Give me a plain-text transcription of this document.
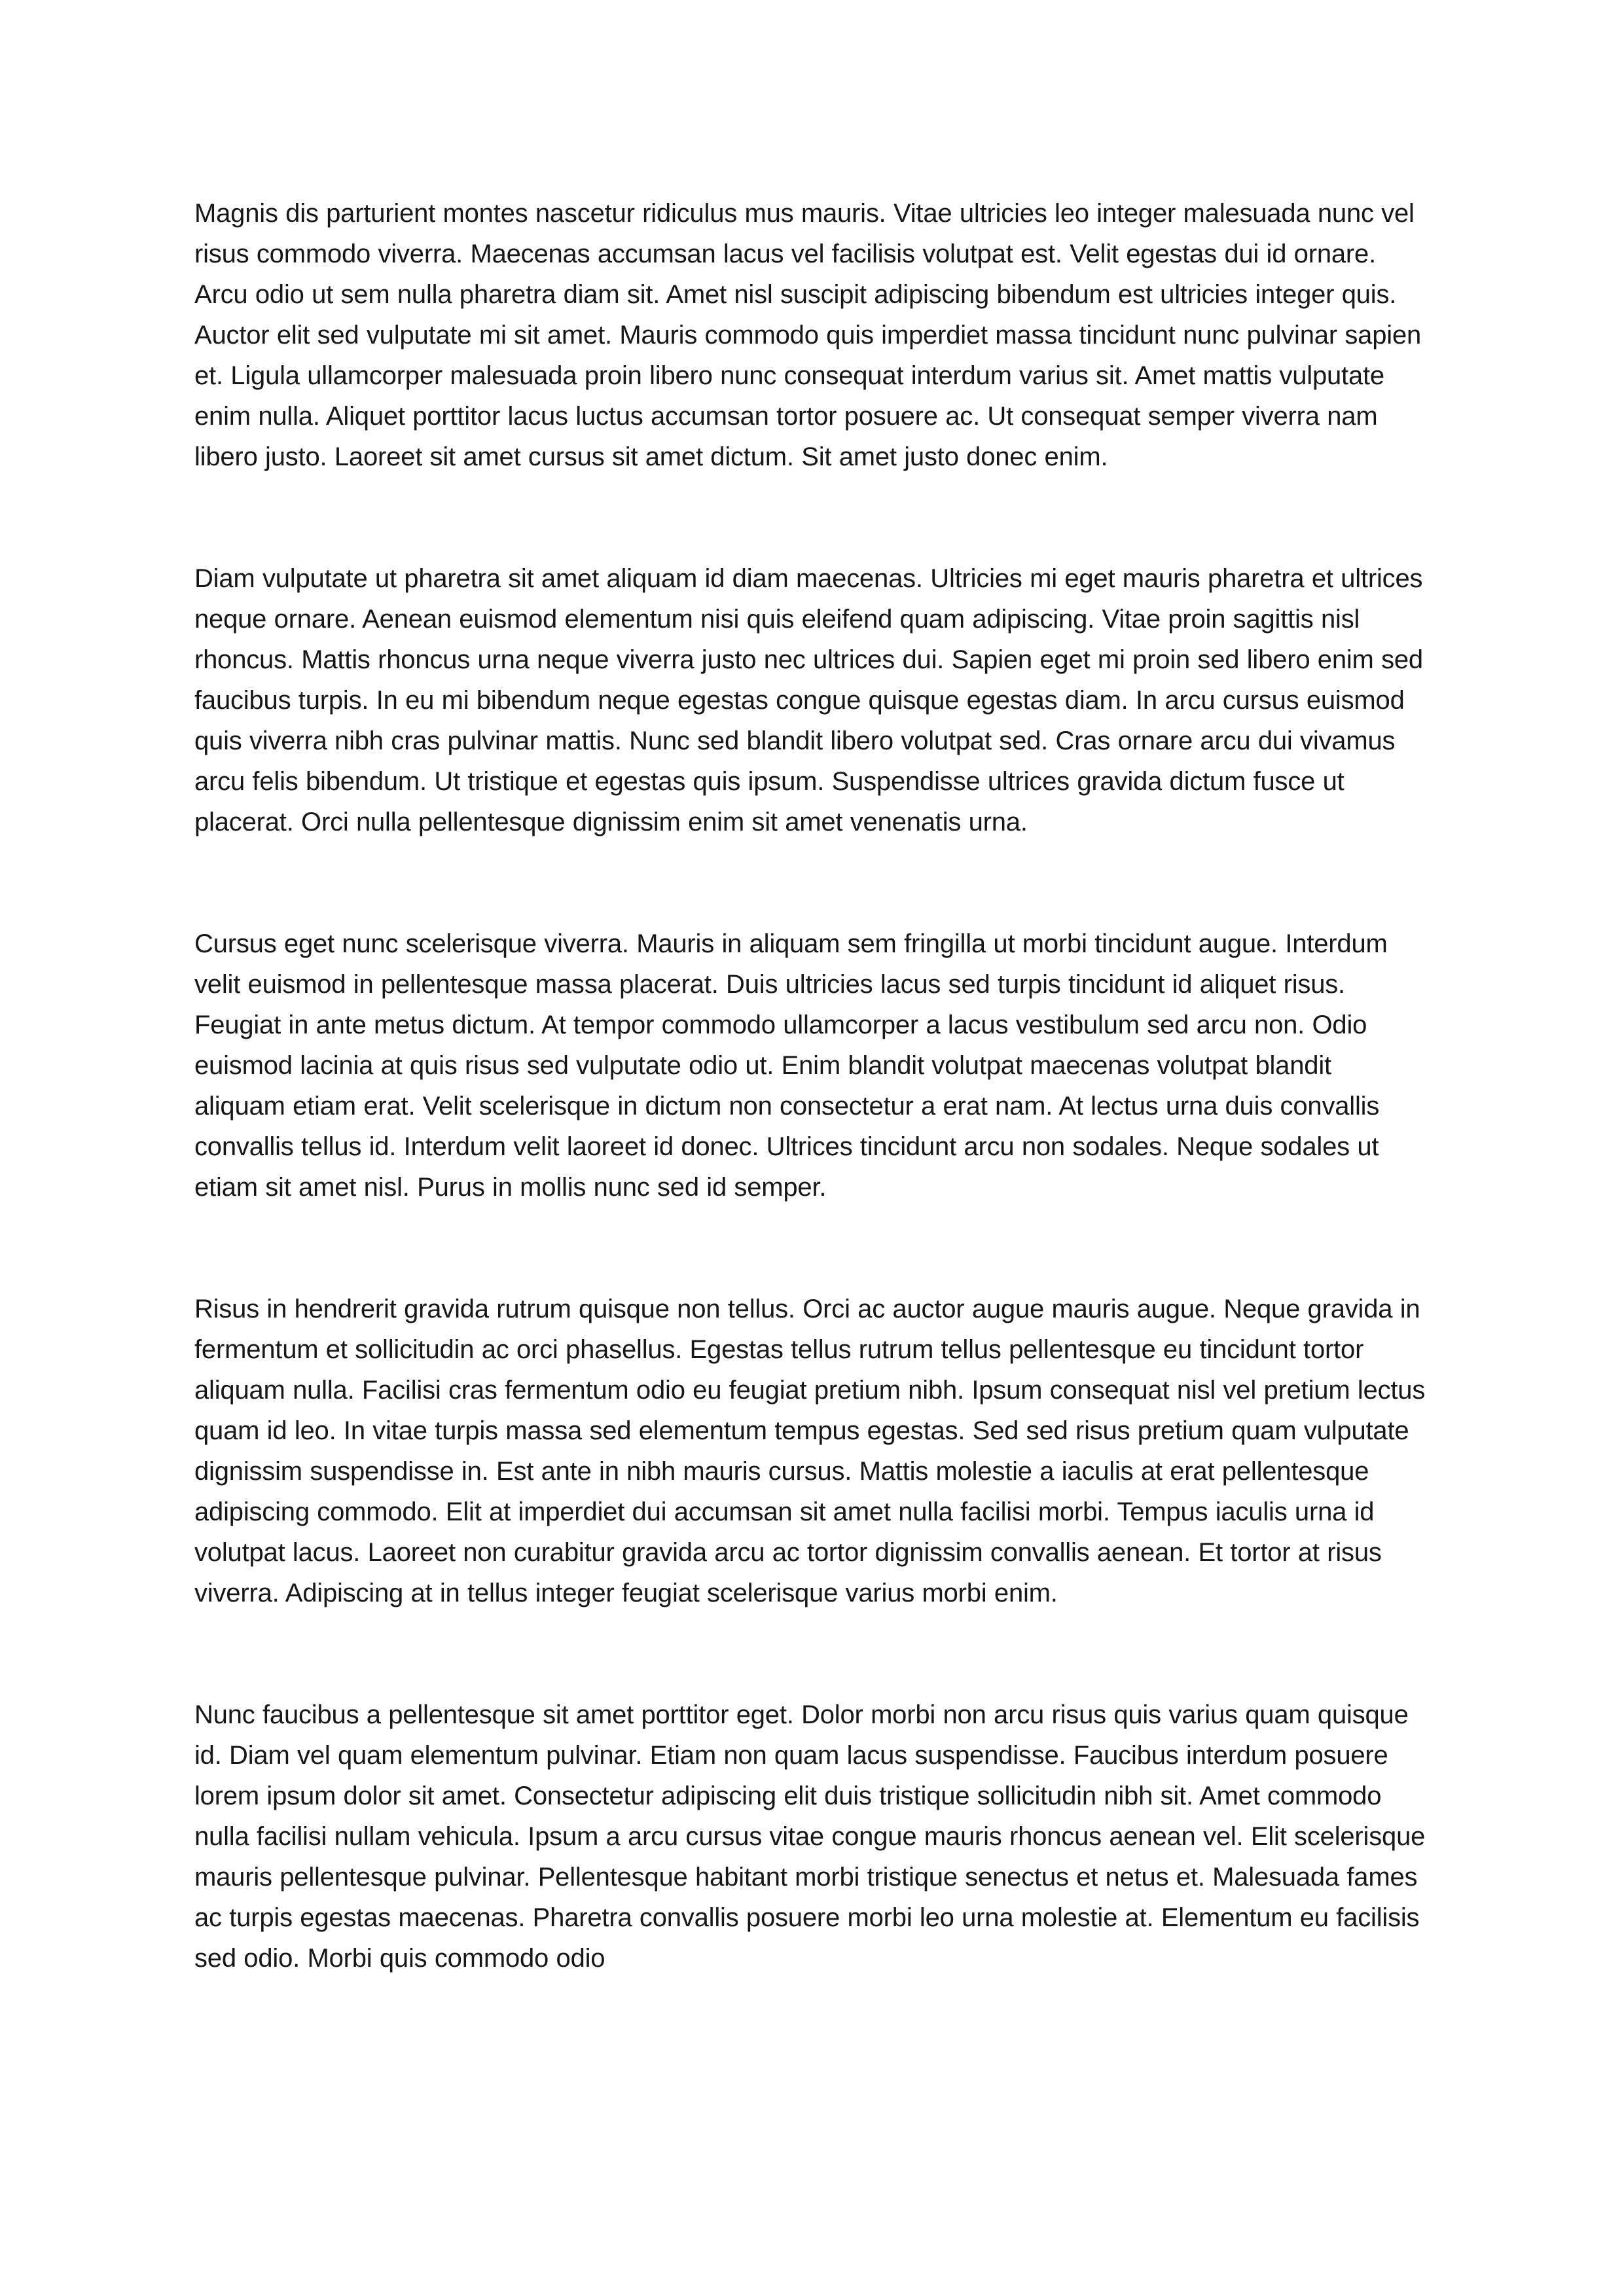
Magnis dis parturient montes nascetur ridiculus mus mauris. Vitae ultricies leo integer malesuada nunc vel risus commodo viverra. Maecenas accumsan lacus vel facilisis volutpat est. Velit egestas dui id ornare. Arcu odio ut sem nulla pharetra diam sit. Amet nisl suscipit adipiscing bibendum est ultricies integer quis. Auctor elit sed vulputate mi sit amet. Mauris commodo quis imperdiet massa tincidunt nunc pulvinar sapien et. Ligula ullamcorper malesuada proin libero nunc consequat interdum varius sit. Amet mattis vulputate enim nulla. Aliquet porttitor lacus luctus accumsan tortor posuere ac. Ut consequat semper viverra nam libero justo. Laoreet sit amet cursus sit amet dictum. Sit amet justo donec enim.

Diam vulputate ut pharetra sit amet aliquam id diam maecenas. Ultricies mi eget mauris pharetra et ultrices neque ornare. Aenean euismod elementum nisi quis eleifend quam adipiscing. Vitae proin sagittis nisl rhoncus. Mattis rhoncus urna neque viverra justo nec ultrices dui. Sapien eget mi proin sed libero enim sed faucibus turpis. In eu mi bibendum neque egestas congue quisque egestas diam. In arcu cursus euismod quis viverra nibh cras pulvinar mattis. Nunc sed blandit libero volutpat sed. Cras ornare arcu dui vivamus arcu felis bibendum. Ut tristique et egestas quis ipsum. Suspendisse ultrices gravida dictum fusce ut placerat. Orci nulla pellentesque dignissim enim sit amet venenatis urna.

Cursus eget nunc scelerisque viverra. Mauris in aliquam sem fringilla ut morbi tincidunt augue. Interdum velit euismod in pellentesque massa placerat. Duis ultricies lacus sed turpis tincidunt id aliquet risus. Feugiat in ante metus dictum. At tempor commodo ullamcorper a lacus vestibulum sed arcu non. Odio euismod lacinia at quis risus sed vulputate odio ut. Enim blandit volutpat maecenas volutpat blandit aliquam etiam erat. Velit scelerisque in dictum non consectetur a erat nam. At lectus urna duis convallis convallis tellus id. Interdum velit laoreet id donec. Ultrices tincidunt arcu non sodales. Neque sodales ut etiam sit amet nisl. Purus in mollis nunc sed id semper.

Risus in hendrerit gravida rutrum quisque non tellus. Orci ac auctor augue mauris augue. Neque gravida in fermentum et sollicitudin ac orci phasellus. Egestas tellus rutrum tellus pellentesque eu tincidunt tortor aliquam nulla. Facilisi cras fermentum odio eu feugiat pretium nibh. Ipsum consequat nisl vel pretium lectus quam id leo. In vitae turpis massa sed elementum tempus egestas. Sed sed risus pretium quam vulputate dignissim suspendisse in. Est ante in nibh mauris cursus. Mattis molestie a iaculis at erat pellentesque adipiscing commodo. Elit at imperdiet dui accumsan sit amet nulla facilisi morbi. Tempus iaculis urna id volutpat lacus. Laoreet non curabitur gravida arcu ac tortor dignissim convallis aenean. Et tortor at risus viverra. Adipiscing at in tellus integer feugiat scelerisque varius morbi enim.

Nunc faucibus a pellentesque sit amet porttitor eget. Dolor morbi non arcu risus quis varius quam quisque id. Diam vel quam elementum pulvinar. Etiam non quam lacus suspendisse. Faucibus interdum posuere lorem ipsum dolor sit amet. Consectetur adipiscing elit duis tristique sollicitudin nibh sit. Amet commodo nulla facilisi nullam vehicula. Ipsum a arcu cursus vitae congue mauris rhoncus aenean vel. Elit scelerisque mauris pellentesque pulvinar. Pellentesque habitant morbi tristique senectus et netus et. Malesuada fames ac turpis egestas maecenas. Pharetra convallis posuere morbi leo urna molestie at. Elementum eu facilisis sed odio. Morbi quis commodo odio
